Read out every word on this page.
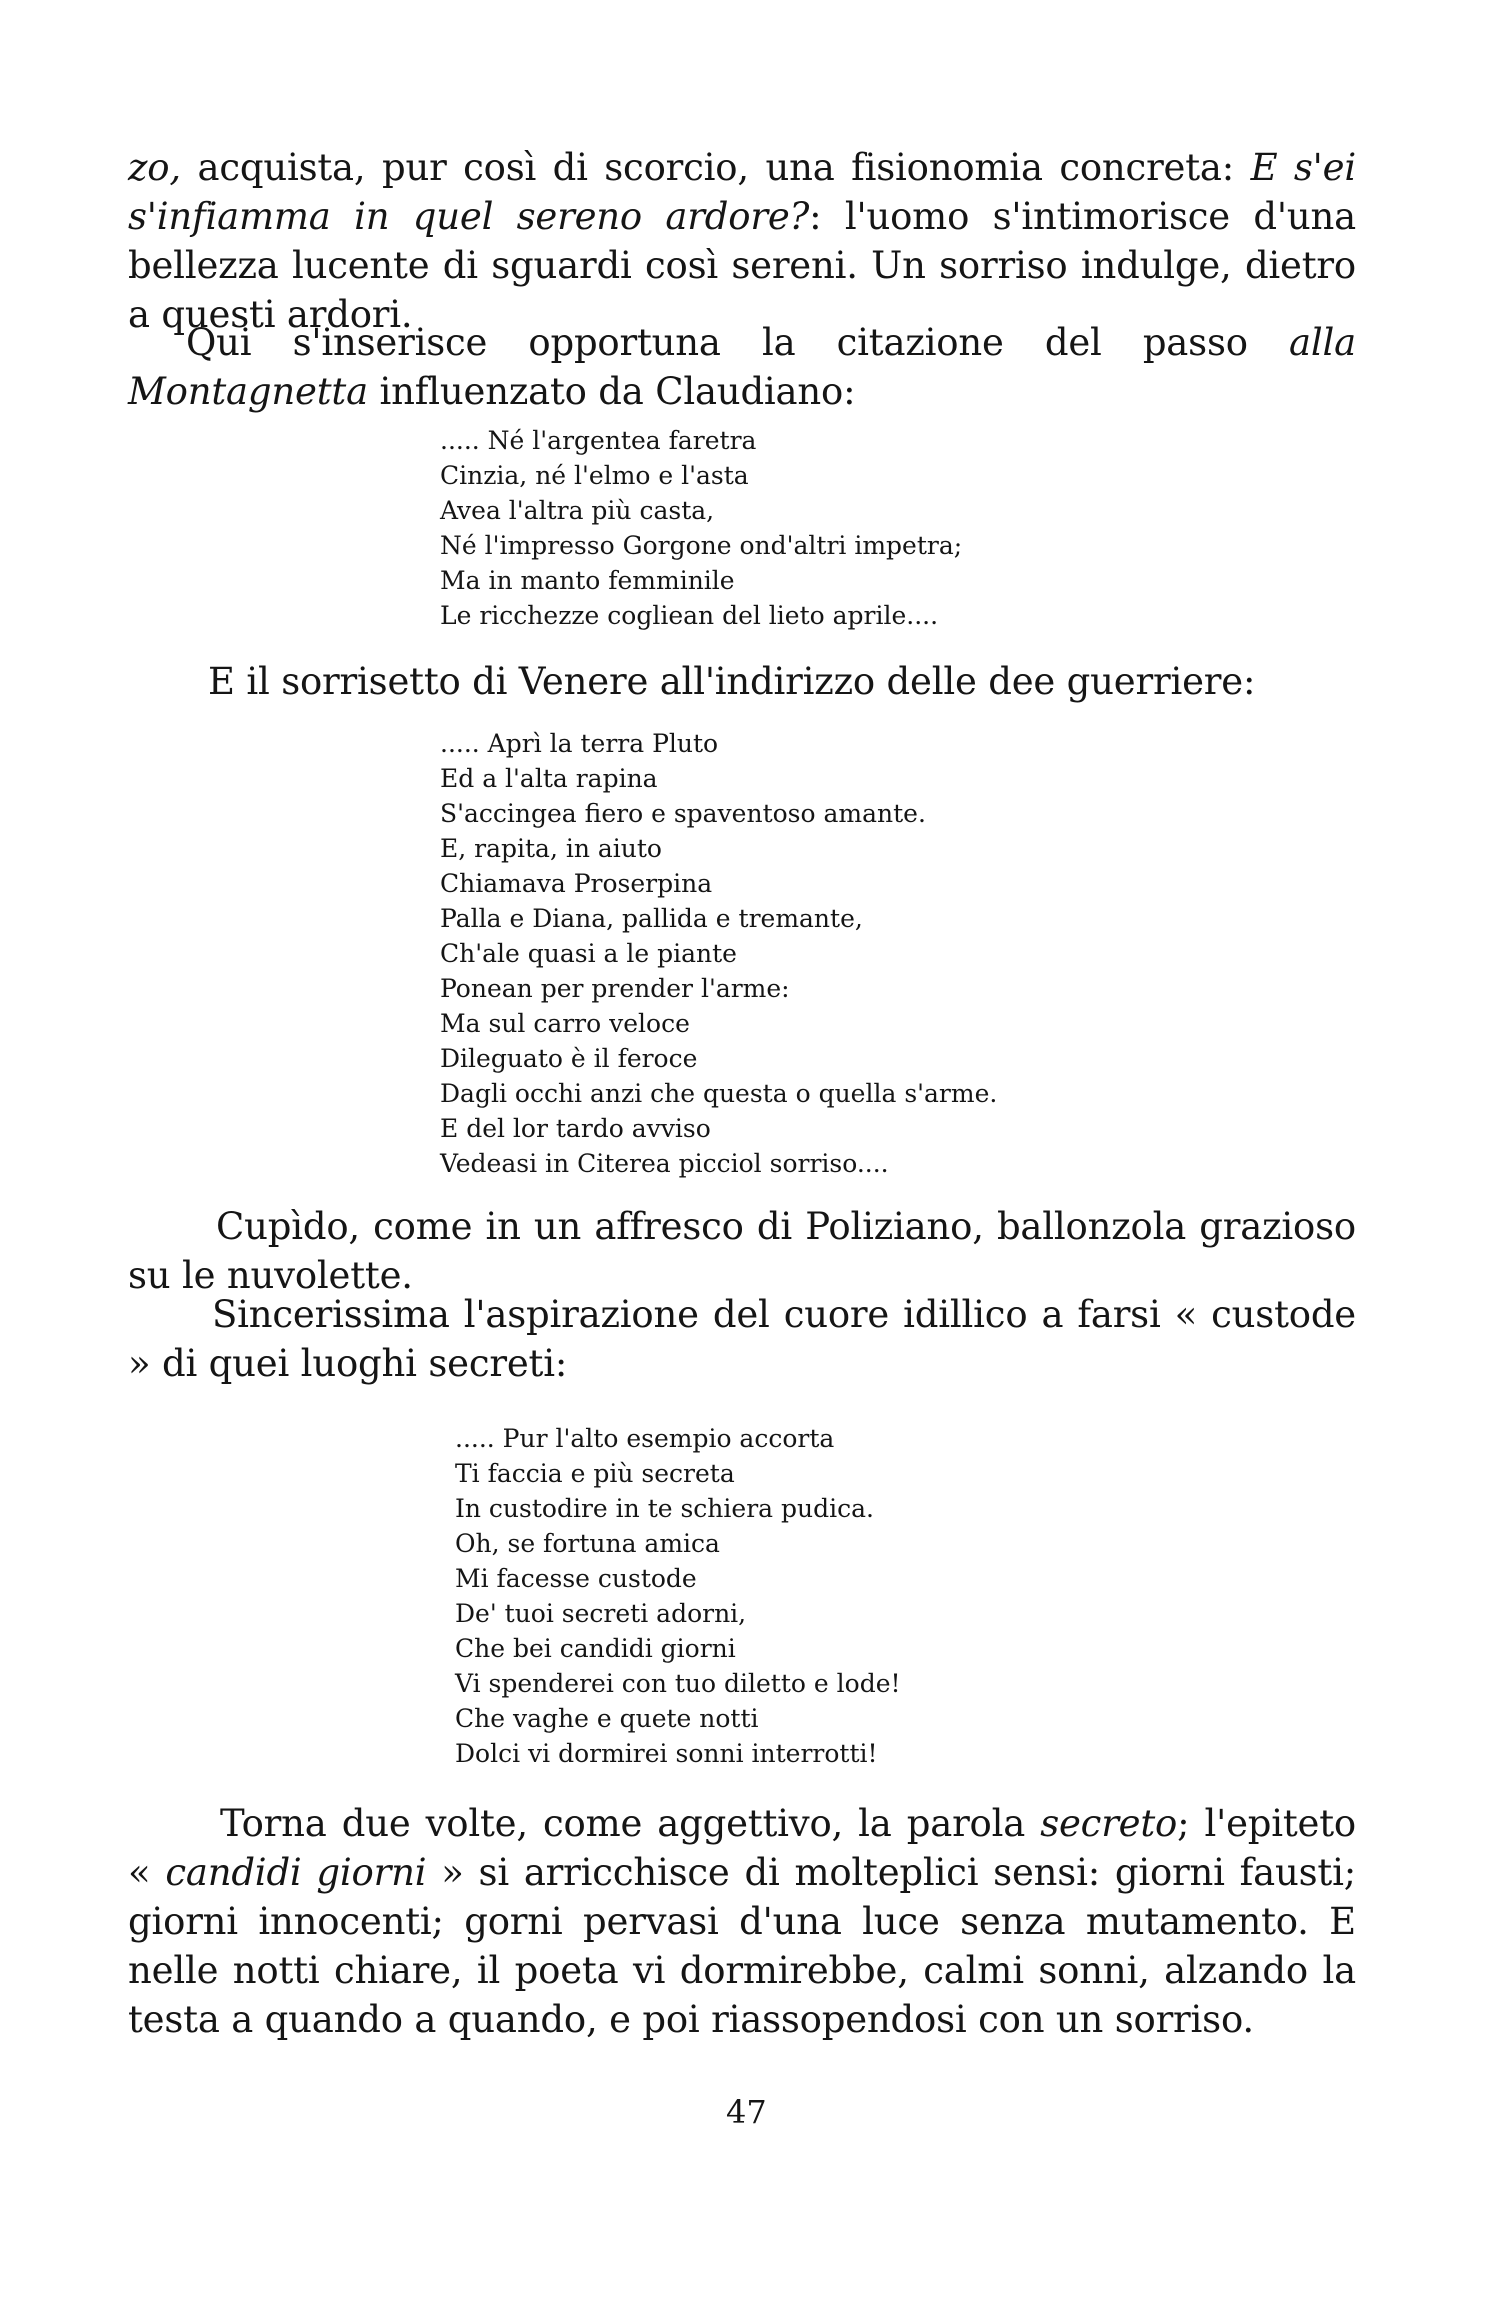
zo, acquista, pur così di scorcio, una fisionomia concreta: E s'ei s'infiamma in quel sereno ardore?: l'uomo s'intimorisce d'una bellezza lucente di sguardi così sereni. Un sorriso indulge, dietro a questi ardori.

Qui s'inserisce opportuna la citazione del passo alla Montagnetta influenzato da Claudiano:

..... Né l'argentea faretra
Cinzia, né l'elmo e l'asta
Avea l'altra più casta,
Né l'impresso Gorgone ond'altri impetra;
Ma in manto femminile
Le ricchezze cogliean del lieto aprile....

E il sorrisetto di Venere all'indirizzo delle dee guerriere:

..... Aprì la terra Pluto
Ed a l'alta rapina
S'accingea fiero e spaventoso amante.
E, rapita, in aiuto
Chiamava Proserpina
Palla e Diana, pallida e tremante,
Ch'ale quasi a le piante
Ponean per prender l'arme:
Ma sul carro veloce
Dileguato è il feroce
Dagli occhi anzi che questa o quella s'arme.
E del lor tardo avviso
Vedeasi in Citerea picciol sorriso....

Cupìdo, come in un affresco di Poliziano, ballonzola grazioso su le nuvolette.

Sincerissima l'aspirazione del cuore idillico a farsi « custode » di quei luoghi secreti:

..... Pur l'alto esempio accorta
Ti faccia e più secreta
In custodire in te schiera pudica.
Oh, se fortuna amica
Mi facesse custode
De' tuoi secreti adorni,
Che bei candidi giorni
Vi spenderei con tuo diletto e lode!
Che vaghe e quete notti
Dolci vi dormirei sonni interrotti!

Torna due volte, come aggettivo, la parola secreto; l'epiteto « candidi giorni » si arricchisce di molteplici sensi: giorni fausti; giorni innocenti; gorni pervasi d'una luce senza mutamento. E nelle notti chiare, il poeta vi dormirebbe, calmi sonni, alzando la testa a quando a quando, e poi riassopendosi con un sorriso.

47
